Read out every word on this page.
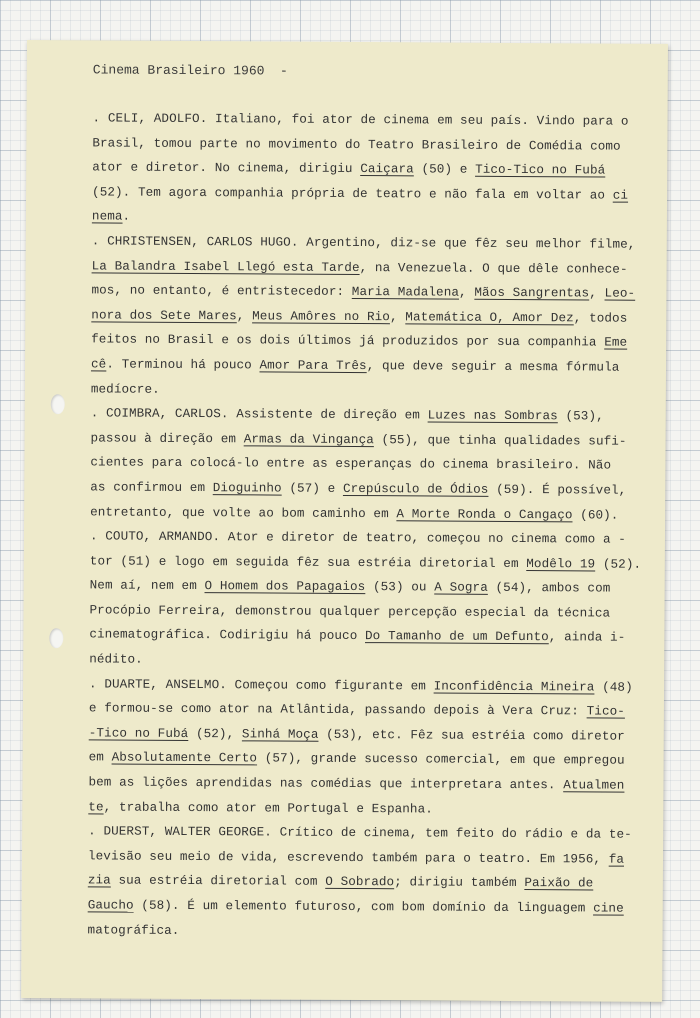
Cinema Brasileiro 1960  -
. CELI, ADOLFO. Italiano, foi ator de cinema em seu país. Vindo para o
Brasil, tomou parte no movimento do Teatro Brasileiro de Comédia como
ator e diretor. No cinema, dirigiu Caiçara (50) e Tico-Tico no Fubá
(52). Tem agora companhia própria de teatro e não fala em voltar ao ci
nema.
. CHRISTENSEN, CARLOS HUGO. Argentino, diz-se que fêz seu melhor filme,
La Balandra Isabel Llegó esta Tarde, na Venezuela. O que dêle conhece-
mos, no entanto, é entristecedor: Maria Madalena, Mãos Sangrentas, Leo-
nora dos Sete Mares, Meus Amôres no Rio, Matemática O, Amor Dez, todos
feitos no Brasil e os dois últimos já produzidos por sua companhia Eme
cê. Terminou há pouco Amor Para Três, que deve seguir a mesma fórmula
medíocre.
. COIMBRA, CARLOS. Assistente de direção em Luzes nas Sombras (53),
passou à direção em Armas da Vingança (55), que tinha qualidades sufi-
cientes para colocá-lo entre as esperanças do cinema brasileiro. Não
as confirmou em Dioguinho (57) e Crepúsculo de Ódios (59). É possível,
entretanto, que volte ao bom caminho em A Morte Ronda o Cangaço (60).
. COUTO, ARMANDO. Ator e diretor de teatro, começou no cinema como a -
tor (51) e logo em seguida fêz sua estréia diretorial em Modêlo 19 (52).
Nem aí, nem em O Homem dos Papagaios (53) ou A Sogra (54), ambos com
Procópio Ferreira, demonstrou qualquer percepção especial da técnica
cinematográfica. Codirigiu há pouco Do Tamanho de um Defunto, ainda i-
nédito.
. DUARTE, ANSELMO. Começou como figurante em Inconfidência Mineira (48)
e formou-se como ator na Atlântida, passando depois à Vera Cruz: Tico-
-Tico no Fubá (52), Sinhá Moça (53), etc. Fêz sua estréia como diretor
em Absolutamente Certo (57), grande sucesso comercial, em que empregou
bem as lições aprendidas nas comédias que interpretara antes. Atualmen
te, trabalha como ator em Portugal e Espanha.
. DUERST, WALTER GEORGE. Crítico de cinema, tem feito do rádio e da te-
levisão seu meio de vida, escrevendo também para o teatro. Em 1956, fa
zia sua estréia diretorial com O Sobrado; dirigiu também Paixão de
Gaucho (58). É um elemento futuroso, com bom domínio da linguagem cine
matográfica.
